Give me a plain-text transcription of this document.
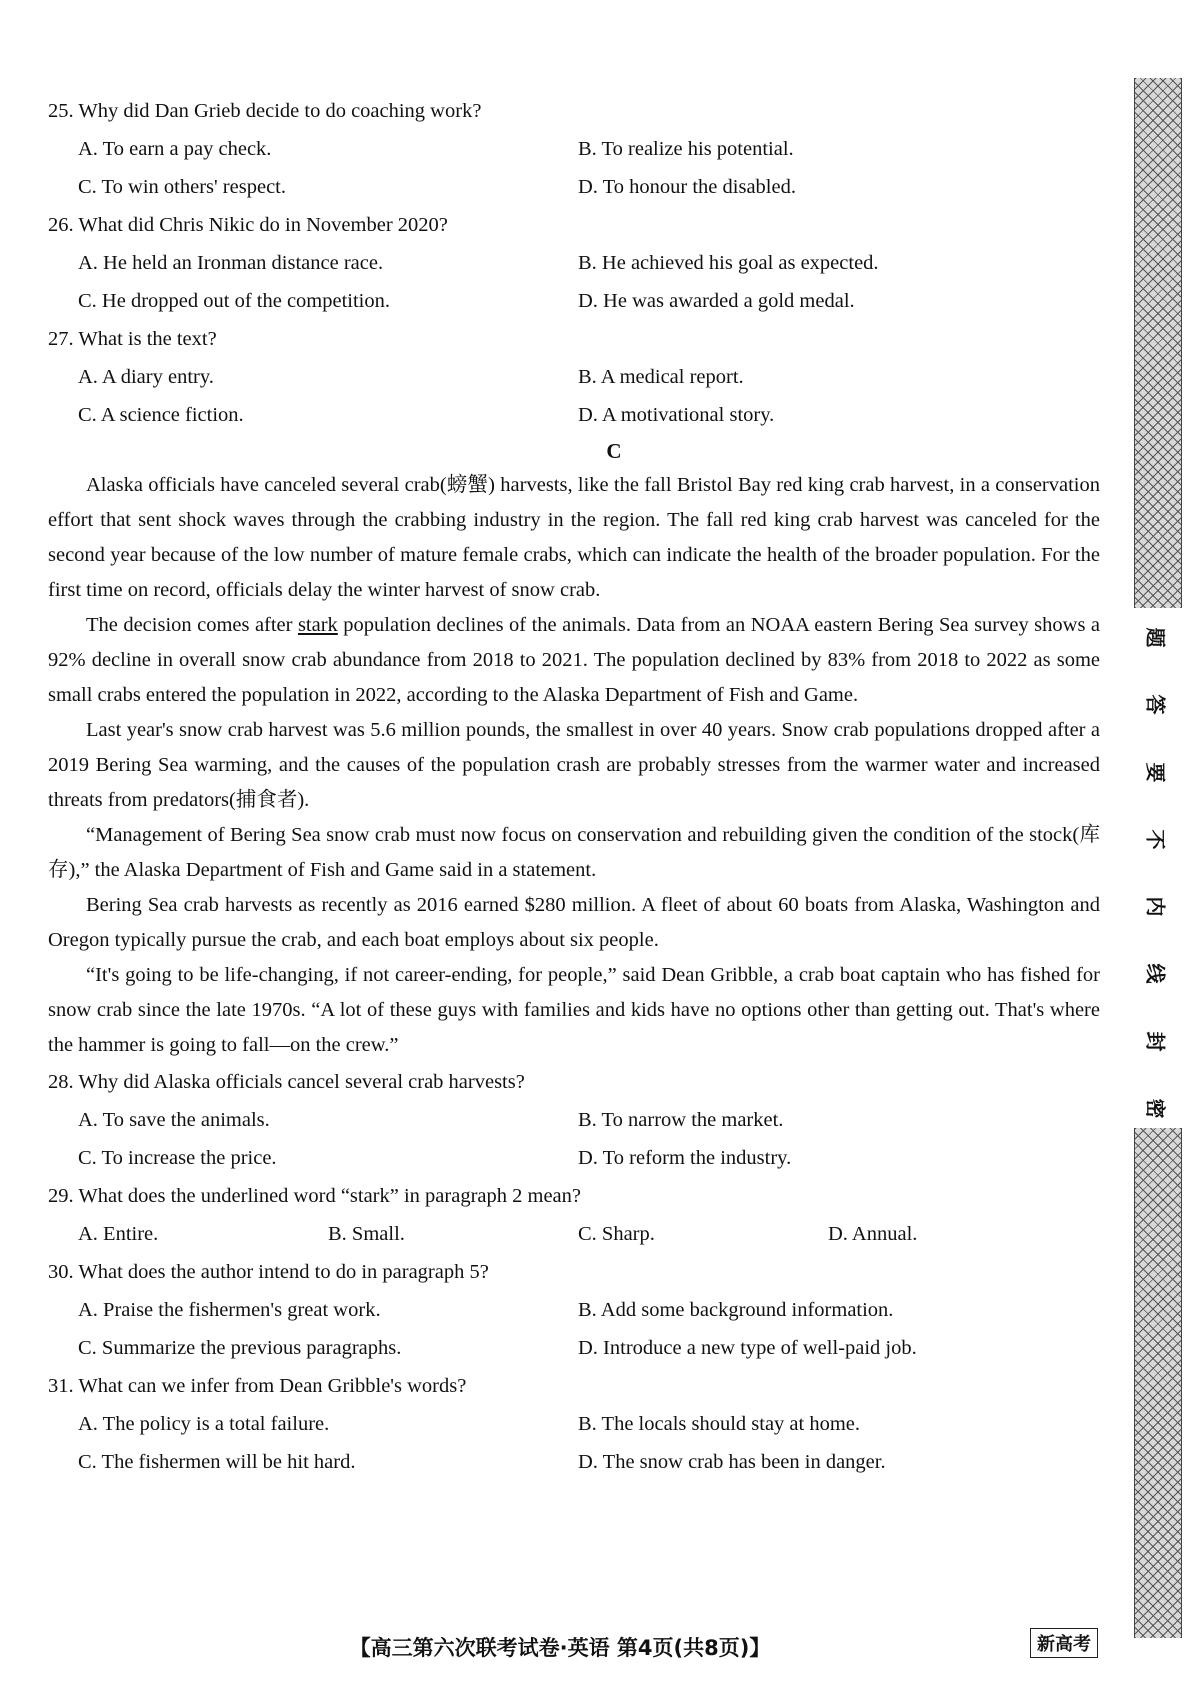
25. Why did Dan Grieb decide to do coaching work?
A. To earn a pay check.	B. To realize his potential.
C. To win others' respect.	D. To honour the disabled.
26. What did Chris Nikic do in November 2020?
A. He held an Ironman distance race.	B. He achieved his goal as expected.
C. He dropped out of the competition.	D. He was awarded a gold medal.
27. What is the text?
A. A diary entry.	B. A medical report.
C. A science fiction.	D. A motivational story.

C

Alaska officials have canceled several crab(螃蟹) harvests, like the fall Bristol Bay red king crab harvest, in a conservation effort that sent shock waves through the crabbing industry in the region. The fall red king crab harvest was canceled for the second year because of the low number of mature female crabs, which can indicate the health of the broader population. For the first time on record, officials delay the winter harvest of snow crab.

The decision comes after stark population declines of the animals. Data from an NOAA eastern Bering Sea survey shows a 92% decline in overall snow crab abundance from 2018 to 2021. The population declined by 83% from 2018 to 2022 as some small crabs entered the population in 2022, according to the Alaska Department of Fish and Game.

Last year's snow crab harvest was 5.6 million pounds, the smallest in over 40 years. Snow crab populations dropped after a 2019 Bering Sea warming, and the causes of the population crash are probably stresses from the warmer water and increased threats from predators(捕食者).

“Management of Bering Sea snow crab must now focus on conservation and rebuilding given the condition of the stock(库存),” the Alaska Department of Fish and Game said in a statement.

Bering Sea crab harvests as recently as 2016 earned $280 million. A fleet of about 60 boats from Alaska, Washington and Oregon typically pursue the crab, and each boat employs about six people.

“It's going to be life-changing, if not career-ending, for people,” said Dean Gribble, a crab boat captain who has fished for snow crab since the late 1970s. “A lot of these guys with families and kids have no options other than getting out. That's where the hammer is going to fall—on the crew.”

28. Why did Alaska officials cancel several crab harvests?
A. To save the animals.	B. To narrow the market.
C. To increase the price.	D. To reform the industry.
29. What does the underlined word “stark” in paragraph 2 mean?
A. Entire.	B. Small.	C. Sharp.	D. Annual.
30. What does the author intend to do in paragraph 5?
A. Praise the fishermen's great work.	B. Add some background information.
C. Summarize the previous paragraphs.	D. Introduce a new type of well-paid job.
31. What can we infer from Dean Gribble's words?
A. The policy is a total failure.	B. The locals should stay at home.
C. The fishermen will be hit hard.	D. The snow crab has been in danger.
【高三第六次联考试卷·英语 第4页(共8页)】	新高考
题
答
要
不
内
线
封
密
